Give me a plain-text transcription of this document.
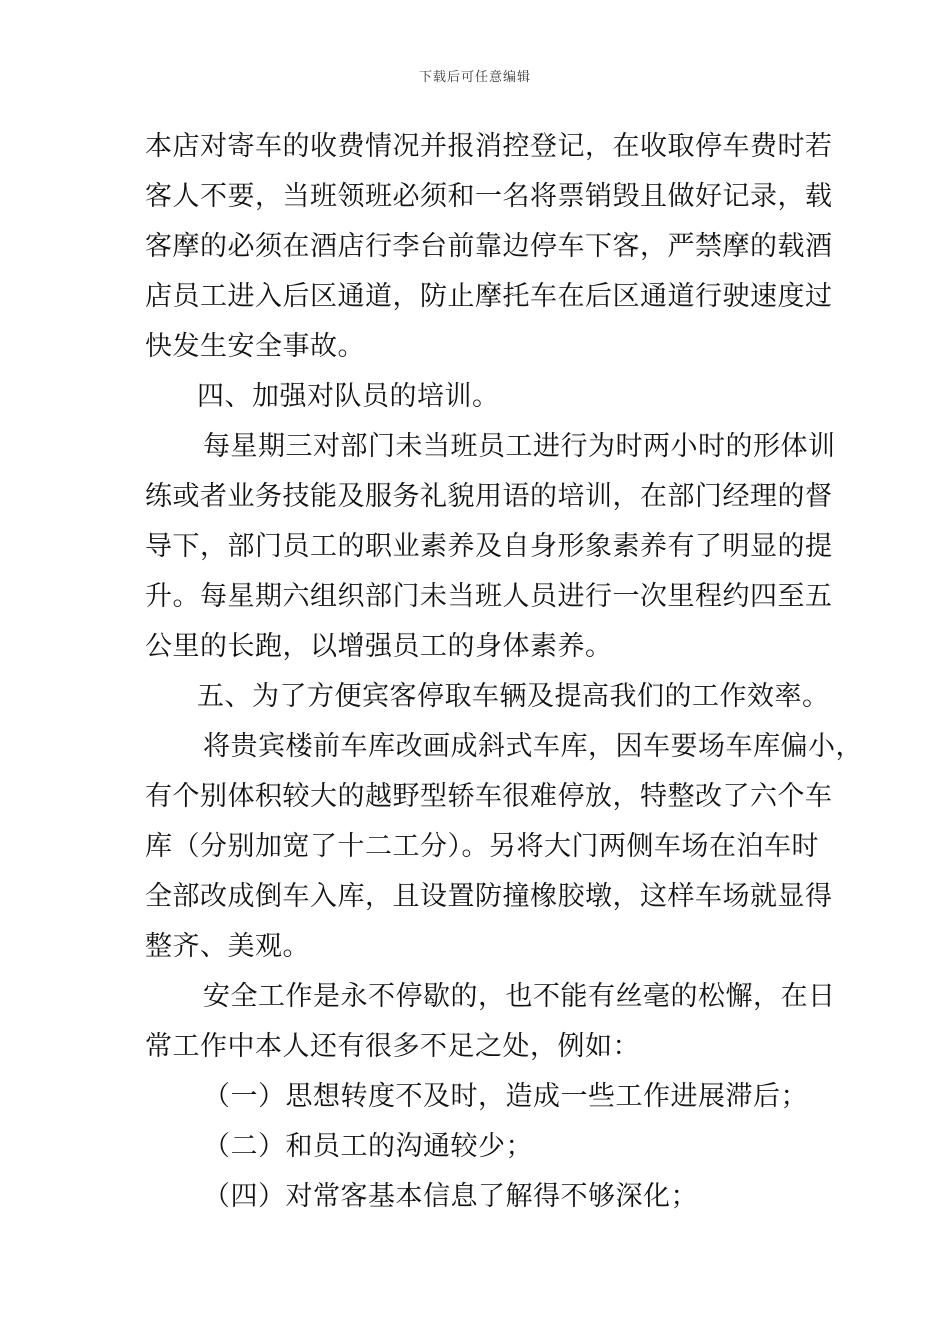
下载后可任意编辑
本店对寄车的收费情况并报消控登记，在收取停车费时若
客人不要，当班领班必须和一名将票销毁且做好记录，载
客摩的必须在酒店行李台前靠边停车下客，严禁摩的载酒
店员工进入后区通道，防止摩托车在后区通道行驶速度过
快发生安全事故。
四、加强对队员的培训。
每星期三对部门未当班员工进行为时两小时的形体训
练或者业务技能及服务礼貌用语的培训，在部门经理的督
导下，部门员工的职业素养及自身形象素养有了明显的提
升。每星期六组织部门未当班人员进行一次里程约四至五
公里的长跑，以增强员工的身体素养。
五、为了方便宾客停取车辆及提高我们的工作效率。
将贵宾楼前车库改画成斜式车库，因车要场车库偏小，
有个别体积较大的越野型轿车很难停放，特整改了六个车
库（分别加宽了十二工分）。另将大门两侧车场在泊车时
全部改成倒车入库，且设置防撞橡胶墩，这样车场就显得
整齐、美观。
安全工作是永不停歇的，也不能有丝毫的松懈，在日
常工作中本人还有很多不足之处，例如：
（一）思想转度不及时，造成一些工作进展滞后；
（二）和员工的沟通较少；
（四）对常客基本信息了解得不够深化；
